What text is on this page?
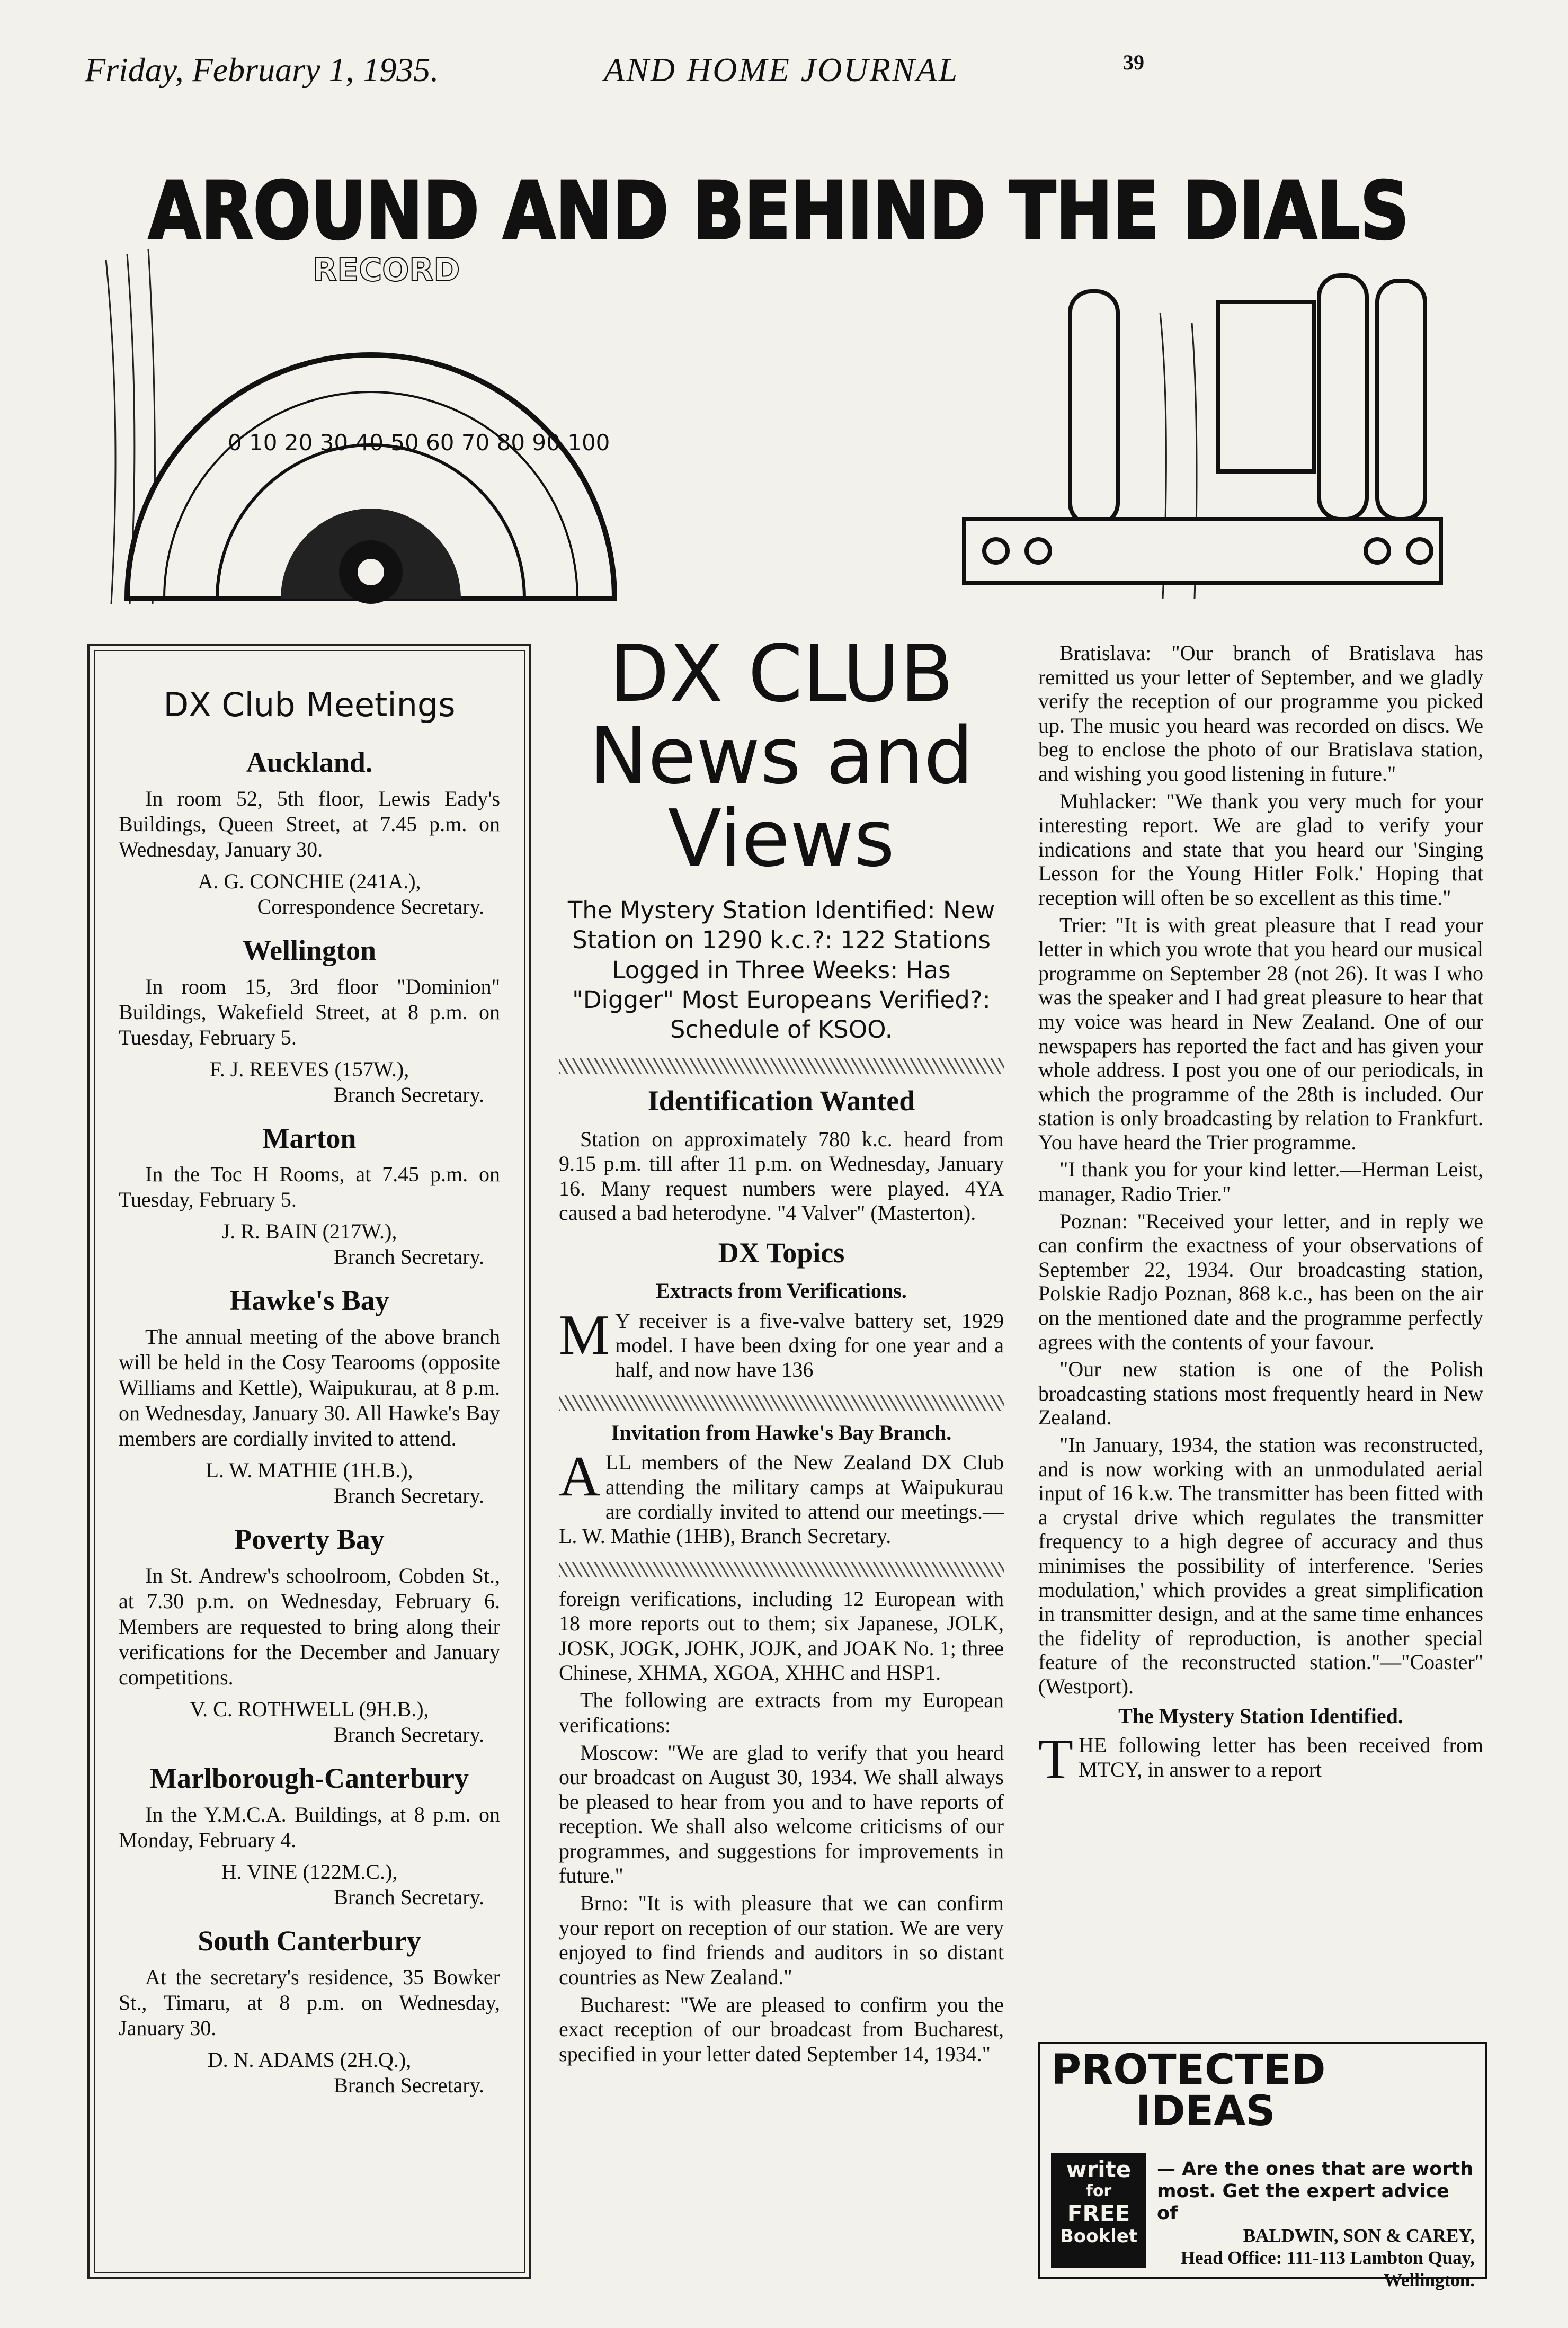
Friday, February 1, 1935.	AND HOME JOURNAL	39
RECORD
0 10 20 30 40 50 60 70 80 90 100
AROUND AND BEHIND THE DIALS
DX Club Meetings
Auckland.

In room 52, 5th floor, Lewis Eady's Buildings, Queen Street, at 7.45 p.m. on Wednesday, January 30.

A. G. CONCHIE (241A.),
Correspondence Secretary.
Wellington

In room 15, 3rd floor "Dominion" Buildings, Wakefield Street, at 8 p.m. on Tuesday, February 5.

F. J. REEVES (157W.),
Branch Secretary.
Marton

In the Toc H Rooms, at 7.45 p.m. on Tuesday, February 5.

J. R. BAIN (217W.),
Branch Secretary.
Hawke's Bay

The annual meeting of the above branch will be held in the Cosy Tearooms (opposite Williams and Kettle), Waipukurau, at 8 p.m. on Wednesday, January 30. All Hawke's Bay members are cordially invited to attend.

L. W. MATHIE (1H.B.),
Branch Secretary.
Poverty Bay

In St. Andrew's schoolroom, Cobden St., at 7.30 p.m. on Wednesday, February 6. Members are requested to bring along their verifications for the December and January competitions.

V. C. ROTHWELL (9H.B.),
Branch Secretary.
Marlborough-Canterbury

In the Y.M.C.A. Buildings, at 8 p.m. on Monday, February 4.

H. VINE (122M.C.),
Branch Secretary.
South Canterbury

At the secretary's residence, 35 Bowker St., Timaru, at 8 p.m. on Wednesday, January 30.

D. N. ADAMS (2H.Q.),
Branch Secretary.
DX CLUB
News and
Views
The Mystery Station Identified: New Station on 1290 k.c.?: 122 Stations Logged in Three Weeks: Has "Digger" Most Europeans Verified?: Schedule of KSOO.
Identification Wanted

Station on approximately 780 k.c. heard from 9.15 p.m. till after 11 p.m. on Wednesday, January 16. Many request numbers were played. 4YA caused a bad heterodyne. "4 Valver" (Masterton).

DX Topics
Extracts from Verifications.

M Y receiver is a five-valve battery set, 1929 model. I have been dxing for one year and a half, and now have 136

Invitation from Hawke's Bay Branch.

ALL members of the New Zealand DX Club attending the military camps at Waipukurau are cordially invited to attend our meetings.—L. W. Mathie (1HB), Branch Secretary.

foreign verifications, including 12 European with 18 more reports out to them; six Japanese, JOLK, JOSK, JOGK, JOHK, JOJK, and JOAK No. 1; three Chinese, XHMA, XGOA, XHHC and HSP1.

The following are extracts from my European verifications:

Moscow: "We are glad to verify that you heard our broadcast on August 30, 1934. We shall always be pleased to hear from you and to have reports of reception. We shall also welcome criticisms of our programmes, and suggestions for improvements in future."

Brno: "It is with pleasure that we can confirm your report on reception of our station. We are very enjoyed to find friends and auditors in so distant countries as New Zealand."

Bucharest: "We are pleased to confirm you the exact reception of our broadcast from Bucharest, specified in your letter dated September 14, 1934."

Bratislava: "Our branch of Bratislava has remitted us your letter of September, and we gladly verify the reception of our programme you picked up. The music you heard was recorded on discs. We beg to enclose the photo of our Bratislava station, and wishing you good listening in future."

Muhlacker: "We thank you very much for your interesting report. We are glad to verify your indications and state that you heard our 'Singing Lesson for the Young Hitler Folk.' Hoping that reception will often be so excellent as this time."

Trier: "It is with great pleasure that I read your letter in which you wrote that you heard our musical programme on September 28 (not 26). It was I who was the speaker and I had great pleasure to hear that my voice was heard in New Zealand. One of our newspapers has reported the fact and has given your whole address. I post you one of our periodicals, in which the programme of the 28th is included. Our station is only broadcasting by relation to Frankfurt. You have heard the Trier programme.

"I thank you for your kind letter.—Herman Leist, manager, Radio Trier."

Poznan: "Received your letter, and in reply we can confirm the exactness of your observations of September 22, 1934. Our broadcasting station, Polskie Radjo Poznan, 868 k.c., has been on the air on the mentioned date and the programme perfectly agrees with the contents of your favour.

"Our new station is one of the Polish broadcasting stations most frequently heard in New Zealand.

"In January, 1934, the station was reconstructed, and is now working with an unmodulated aerial input of 16 k.w. The transmitter has been fitted with a crystal drive which regulates the transmitter frequency to a high degree of accuracy and thus minimises the possibility of interference. 'Series modulation,' which provides a great simplification in transmitter design, and at the same time enhances the fidelity of reproduction, is another special feature of the reconstructed station."—"Coaster" (Westport).

The Mystery Station Identified.

THE following letter has been received from MTCY, in answer to a report

PROTECTED
IDEAS
write
for
FREE
Booklet
— Are the ones that are worth most. Get the expert advice of
BALDWIN, SON & CAREY,
Head Office: 111-113 Lambton Quay, Wellington.
